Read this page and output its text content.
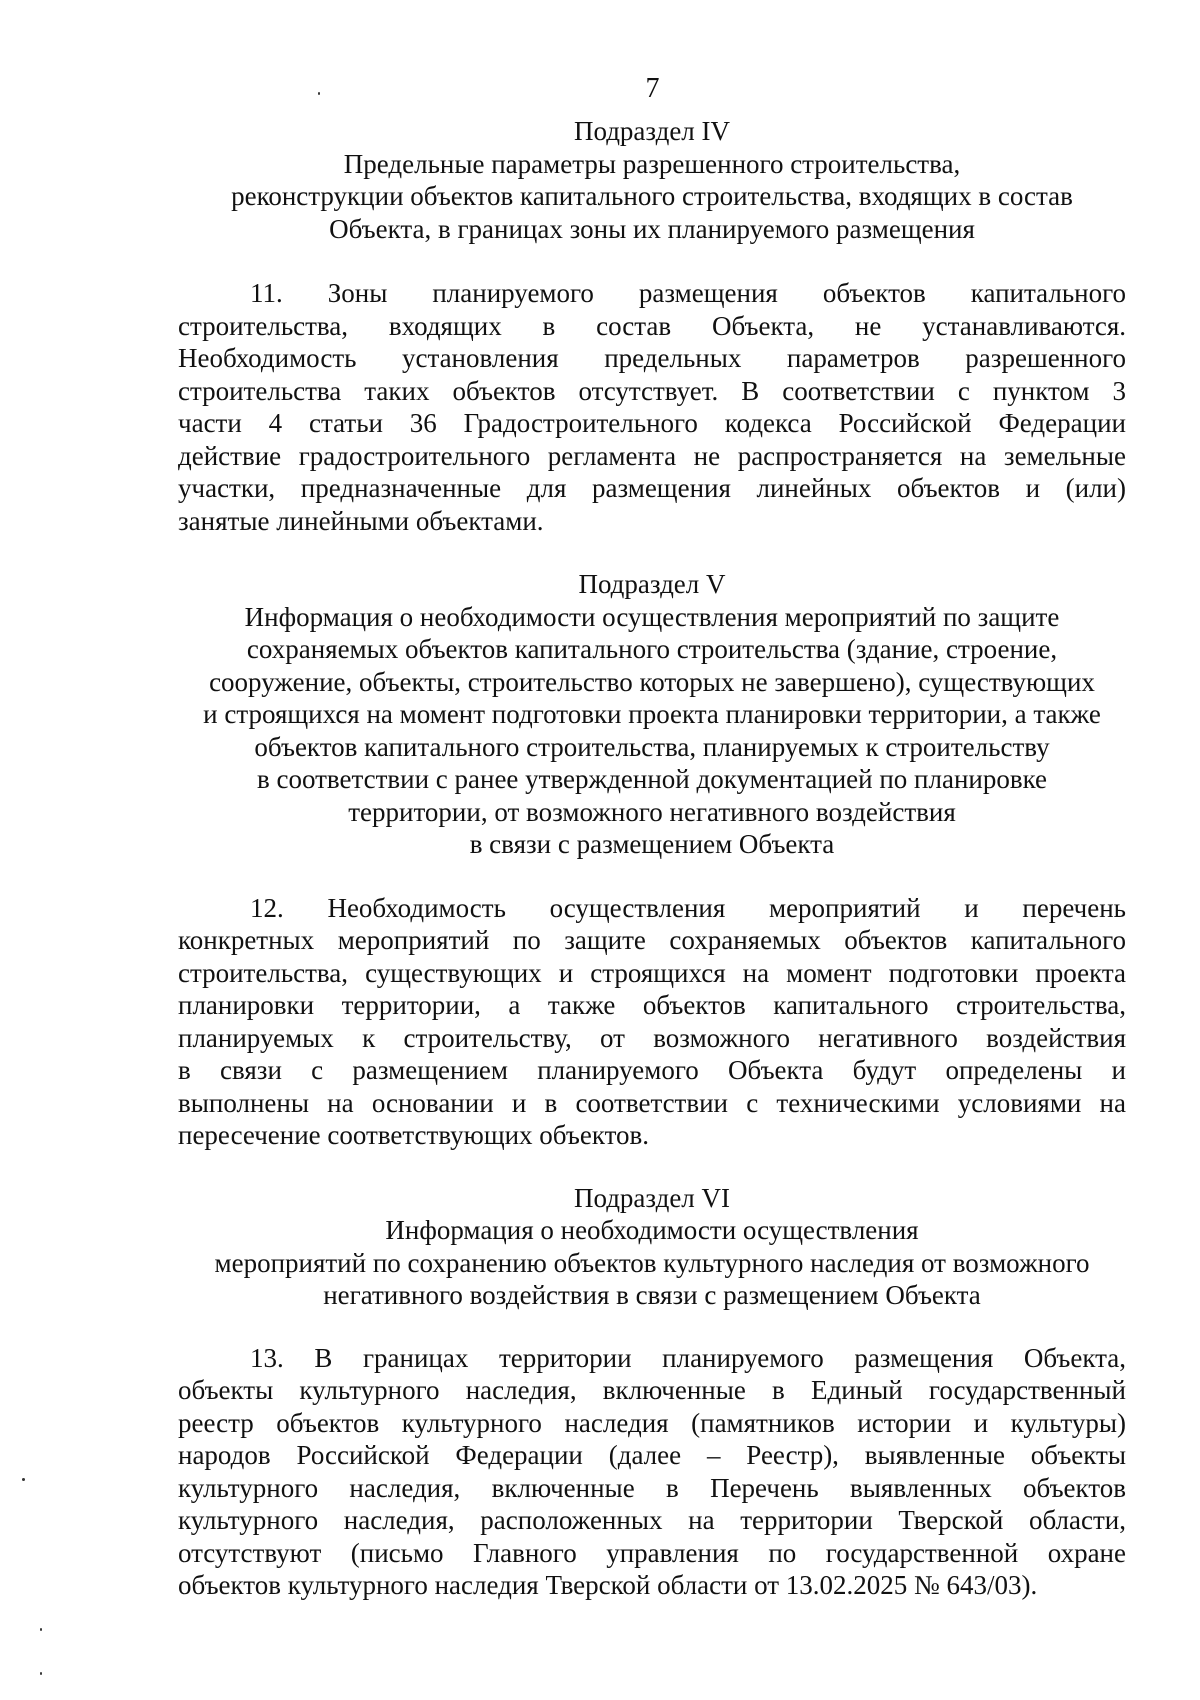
7
Подраздел IV
Предельные параметры разрешенного строительства,
реконструкции объектов капитального строительства, входящих в состав
Объекта, в границах зоны их планируемого размещения
11. Зоны планируемого размещения объектов капитального
строительства, входящих в состав Объекта, не устанавливаются.
Необходимость установления предельных параметров разрешенного
строительства таких объектов отсутствует. В соответствии с пунктом 3
части 4 статьи 36 Градостроительного кодекса Российской Федерации
действие градостроительного регламента не распространяется на земельные
участки, предназначенные для размещения линейных объектов и (или)
занятые линейными объектами.
Подраздел V
Информация о необходимости осуществления мероприятий по защите
сохраняемых объектов капитального строительства (здание, строение,
сооружение, объекты, строительство которых не завершено), существующих
и строящихся на момент подготовки проекта планировки территории, а также
объектов капитального строительства, планируемых к строительству
в соответствии с ранее утвержденной документацией по планировке
территории, от возможного негативного воздействия
в связи с размещением Объекта
12. Необходимость осуществления мероприятий и перечень
конкретных мероприятий по защите сохраняемых объектов капитального
строительства, существующих и строящихся на момент подготовки проекта
планировки территории, а также объектов капитального строительства,
планируемых к строительству, от возможного негативного воздействия
в связи с размещением планируемого Объекта будут определены и
выполнены на основании и в соответствии с техническими условиями на
пересечение соответствующих объектов.
Подраздел VI
Информация о необходимости осуществления
мероприятий по сохранению объектов культурного наследия от возможного
негативного воздействия в связи с размещением Объекта
13. В границах территории планируемого размещения Объекта,
объекты культурного наследия, включенные в Единый государственный
реестр объектов культурного наследия (памятников истории и культуры)
народов Российской Федерации (далее – Реестр), выявленные объекты
культурного наследия, включенные в Перечень выявленных объектов
культурного наследия, расположенных на территории Тверской области,
отсутствуют (письмо Главного управления по государственной охране
объектов культурного наследия Тверской области от 13.02.2025 № 643/03).
